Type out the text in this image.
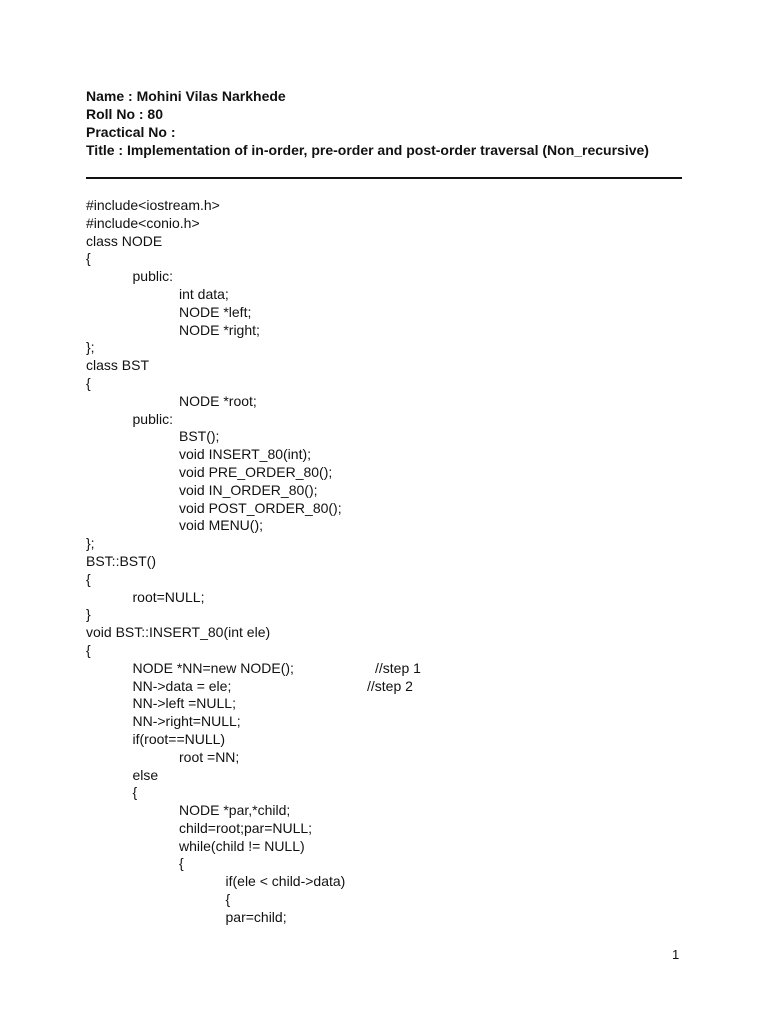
Name : Mohini Vilas Narkhede
Roll No : 80
Practical No :
Title : Implementation of in-order, pre-order and post-order traversal (Non_recursive)
#include<iostream.h>
#include<conio.h>
class NODE
{
public:
int data;
NODE *left;
NODE *right;
};
class BST
{
NODE *root;
public:
BST();
void INSERT_80(int);
void PRE_ORDER_80();
void IN_ORDER_80();
void POST_ORDER_80();
void MENU();
};
BST::BST()
{
root=NULL;
}
void BST::INSERT_80(int ele)
{
NODE *NN=new NODE();	//step 1
NN->data = ele;	//step 2
NN->left =NULL;
NN->right=NULL;
if(root==NULL)
root =NN;
else
{
NODE *par,*child;
child=root;par=NULL;
while(child != NULL)
{
if(ele < child->data)
{
par=child;
1
